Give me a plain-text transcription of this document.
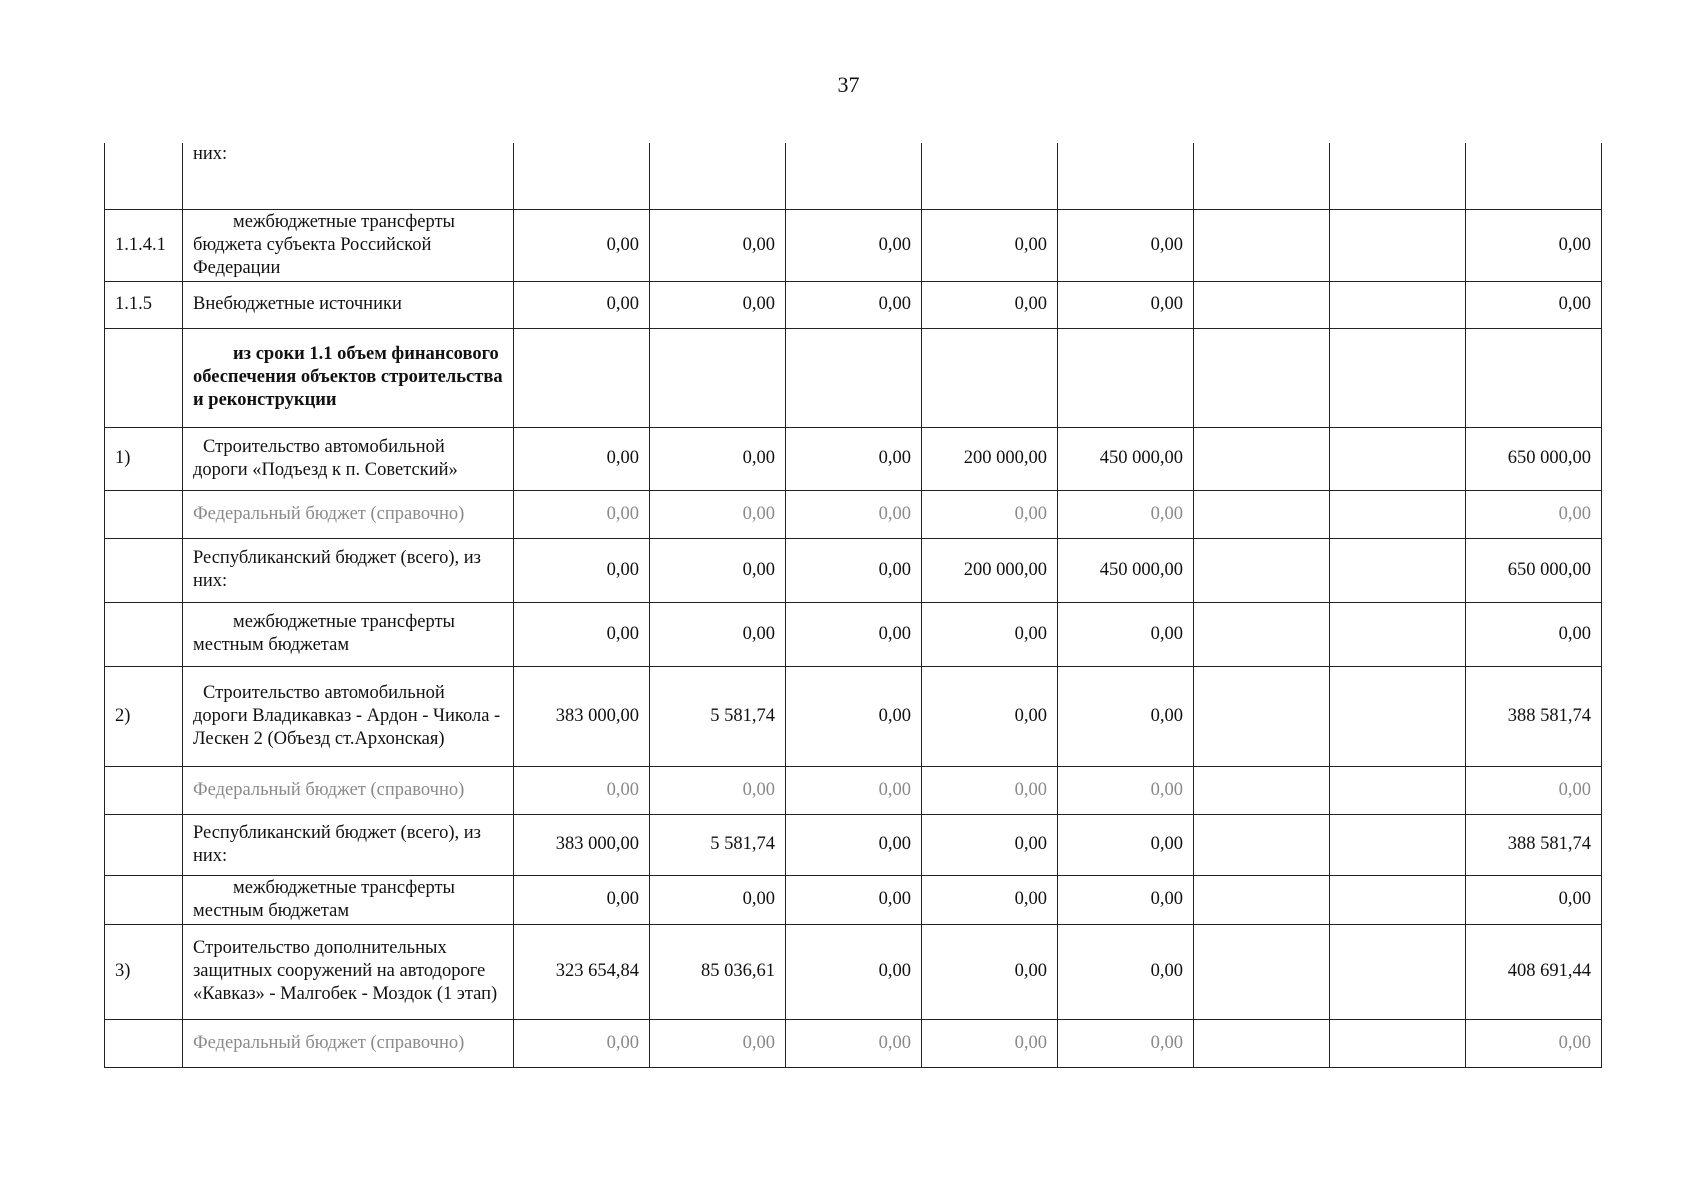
37
	них:								
1.1.4.1	межбюджетные трансферты бюджета субъекта Российской Федерации	0,00	0,00	0,00	0,00	0,00			0,00
1.1.5	Внебюджетные источники	0,00	0,00	0,00	0,00	0,00			0,00
	из сроки 1.1 объем финансового обеспечения объектов строительства и реконструкции								
1)	Строительство автомобильной дороги «Подъезд к п. Советский»	0,00	0,00	0,00	200 000,00	450 000,00			650 000,00
	Федеральный бюджет (справочно)	0,00	0,00	0,00	0,00	0,00			0,00
	Республиканский бюджет (всего), из них:	0,00	0,00	0,00	200 000,00	450 000,00			650 000,00
	межбюджетные трансферты местным бюджетам	0,00	0,00	0,00	0,00	0,00			0,00
2)	Строительство автомобильной дороги Владикавказ - Ардон - Чикола - Лескен 2 (Объезд ст.Архонская)	383 000,00	5 581,74	0,00	0,00	0,00			388 581,74
	Федеральный бюджет (справочно)	0,00	0,00	0,00	0,00	0,00			0,00
	Республиканский бюджет (всего), из них:	383 000,00	5 581,74	0,00	0,00	0,00			388 581,74
	межбюджетные трансферты местным бюджетам	0,00	0,00	0,00	0,00	0,00			0,00
3)	Строительство дополнительных защитных сооружений на автодороге «Кавказ» - Малгобек - Моздок (1 этап)	323 654,84	85 036,61	0,00	0,00	0,00			408 691,44
	Федеральный бюджет (справочно)	0,00	0,00	0,00	0,00	0,00			0,00
